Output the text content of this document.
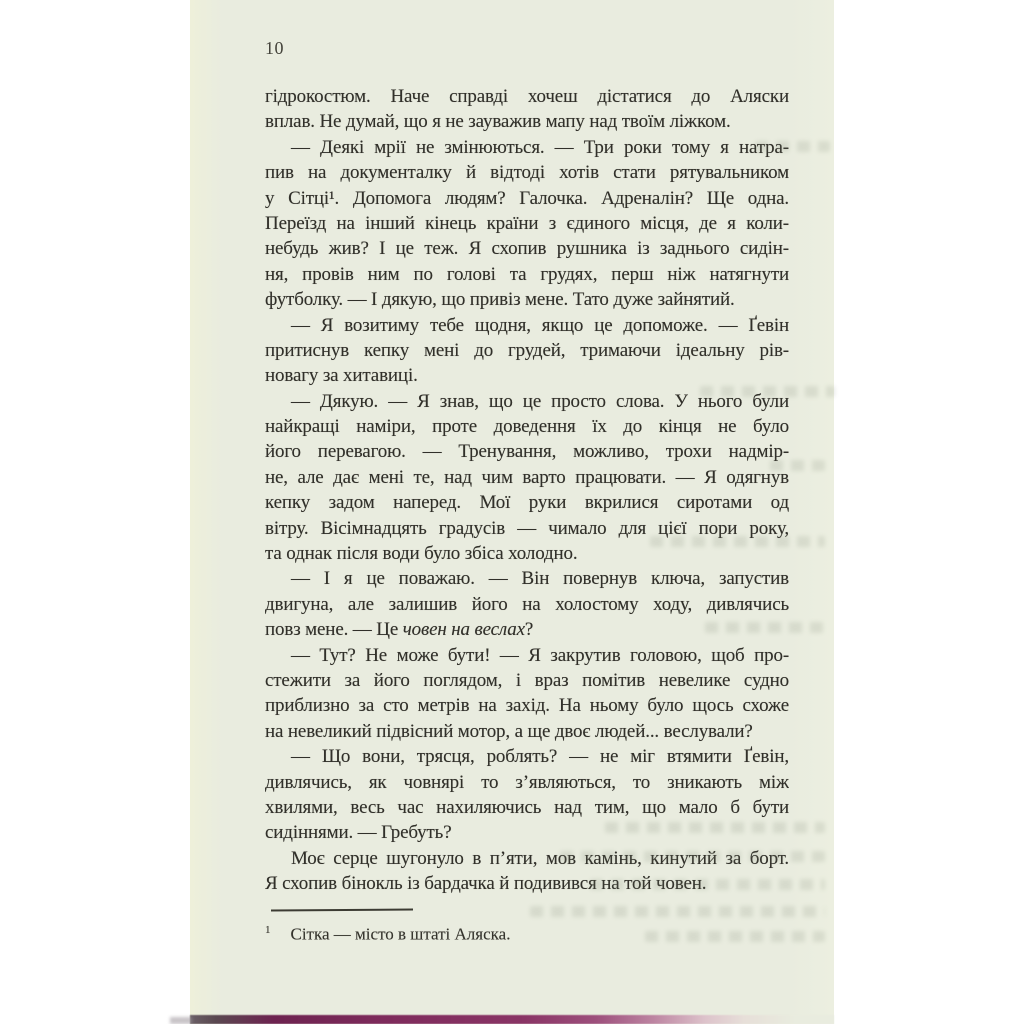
10
гідрокостюм. Наче справді хочеш дістатися до Аляски
вплав. Не думай, що я не зауважив мапу над твоїм ліжком.
— Деякі мрії не змінюються. — Три роки тому я натра-
пив на документалку й відтоді хотів стати рятувальником
у Сітці¹. Допомога людям? Галочка. Адреналін? Ще одна.
Переїзд на інший кінець країни з єдиного місця, де я коли-
небудь жив? І це теж. Я схопив рушника із заднього сидін-
ня, провів ним по голові та грудях, перш ніж натягнути
футболку. — І дякую, що привіз мене. Тато дуже зайнятий.
— Я возитиму тебе щодня, якщо це допоможе. — Ґевін
притиснув кепку мені до грудей, тримаючи ідеальну рів-
новагу за хитавиці.
— Дякую. — Я знав, що це просто слова. У нього були
найкращі наміри, проте доведення їх до кінця не було
його перевагою. — Тренування, можливо, трохи надмір-
не, але дає мені те, над чим варто працювати. — Я одягнув
кепку задом наперед. Мої руки вкрилися сиротами од
вітру. Вісімнадцять градусів — чимало для цієї пори року,
та однак після води було збіса холодно.
— І я це поважаю. — Він повернув ключа, запустив
двигуна, але залишив його на холостому ходу, дивлячись
повз мене. — Це човен на веслах?
— Тут? Не може бути! — Я закрутив головою, щоб про-
стежити за його поглядом, і враз помітив невелике судно
приблизно за сто метрів на захід. На ньому було щось схоже
на невеликий підвісний мотор, а ще двоє людей... веслували?
— Що вони, трясця, роблять? — не міг втямити Ґевін,
дивлячись, як човнярі то з’являються, то зникають між
хвилями, весь час нахиляючись над тим, що мало б бути
сидіннями. — Гребуть?
Моє серце шугонуло в п’яти, мов камінь, кинутий за борт.
Я схопив бінокль із бардачка й подивився на той човен.
$^1$ Сітка — місто в штаті Аляска.
